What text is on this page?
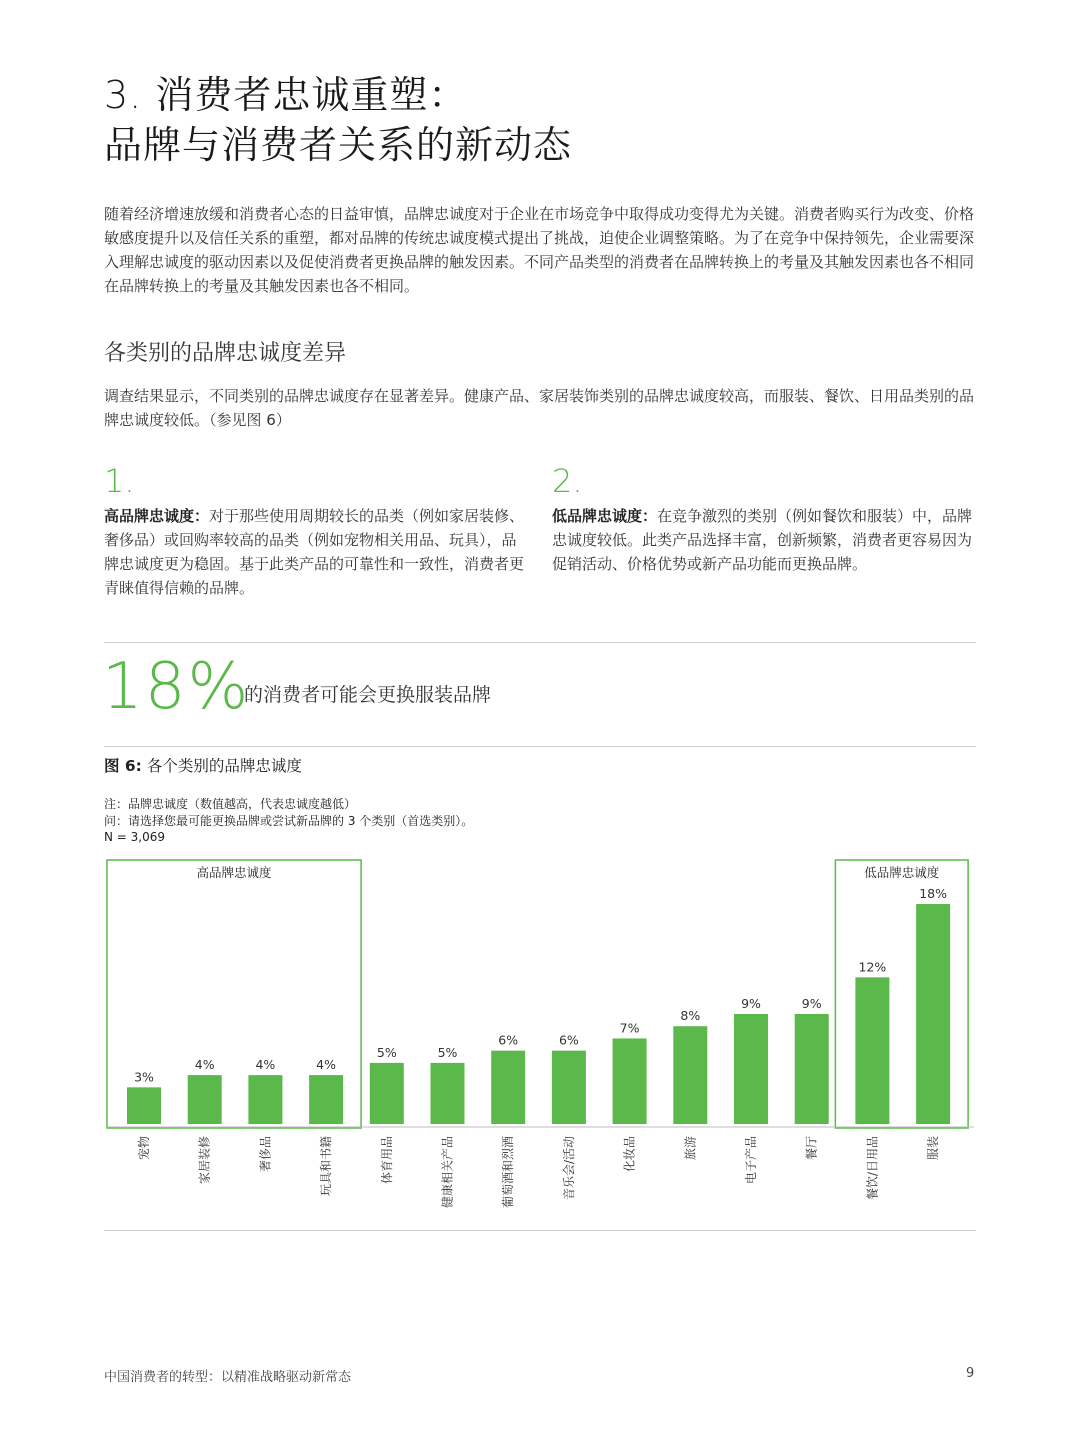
3. 消费者忠诚重塑：
品牌与消费者关系的新动态
随着经济增速放缓和消费者心态的日益审慎，品牌忠诚度对于企业在市场竞争中取得成功变得尤为关键。消费者购买行为改变、价格敏感度提升以及信任关系的重塑，都对品牌的传统忠诚度模式提出了挑战，迫使企业调整策略。为了在竞争中保持领先，企业需要深入理解忠诚度的驱动因素以及促使消费者更换品牌的触发因素。不同产品类型的消费者在品牌转换上的考量及其触发因素也各不相同在品牌转换上的考量及其触发因素也各不相同。
各类别的品牌忠诚度差异
调查结果显示，不同类别的品牌忠诚度存在显著差异。健康产品、家居装饰类别的品牌忠诚度较高，而服装、餐饮、日用品类别的品牌忠诚度较低。（参见图 6）
1.
高品牌忠诚度：对于那些使用周期较长的品类（例如家居装修、奢侈品）或回购率较高的品类（例如宠物相关用品、玩具），品牌忠诚度更为稳固。基于此类产品的可靠性和一致性，消费者更青睐值得信赖的品牌。
2.
低品牌忠诚度：在竞争激烈的类别（例如餐饮和服装）中，品牌忠诚度较低。此类产品选择丰富，创新频繁，消费者更容易因为促销活动、价格优势或新产品功能而更换品牌。
18%
的消费者可能会更换服装品牌
图 6: 各个类别的品牌忠诚度
注：品牌忠诚度（数值越高，代表忠诚度越低）
问：请选择您最可能更换品牌或尝试新品牌的 3 个类别（首选类别）。
N = 3,069
高品牌忠诚度	低品牌忠诚度
3%
宠物
4%
家居装修
4%
奢侈品
4%
玩具和书籍
5%
体育用品
5%
健康相关产品
6%
葡萄酒和烈酒
6%
音乐会/活动
7%
化妆品
8%
旅游
9%
电子产品
9%
餐厅
12%
餐饮/日用品
18%
服装
中国消费者的转型：以精准战略驱动新常态	9
